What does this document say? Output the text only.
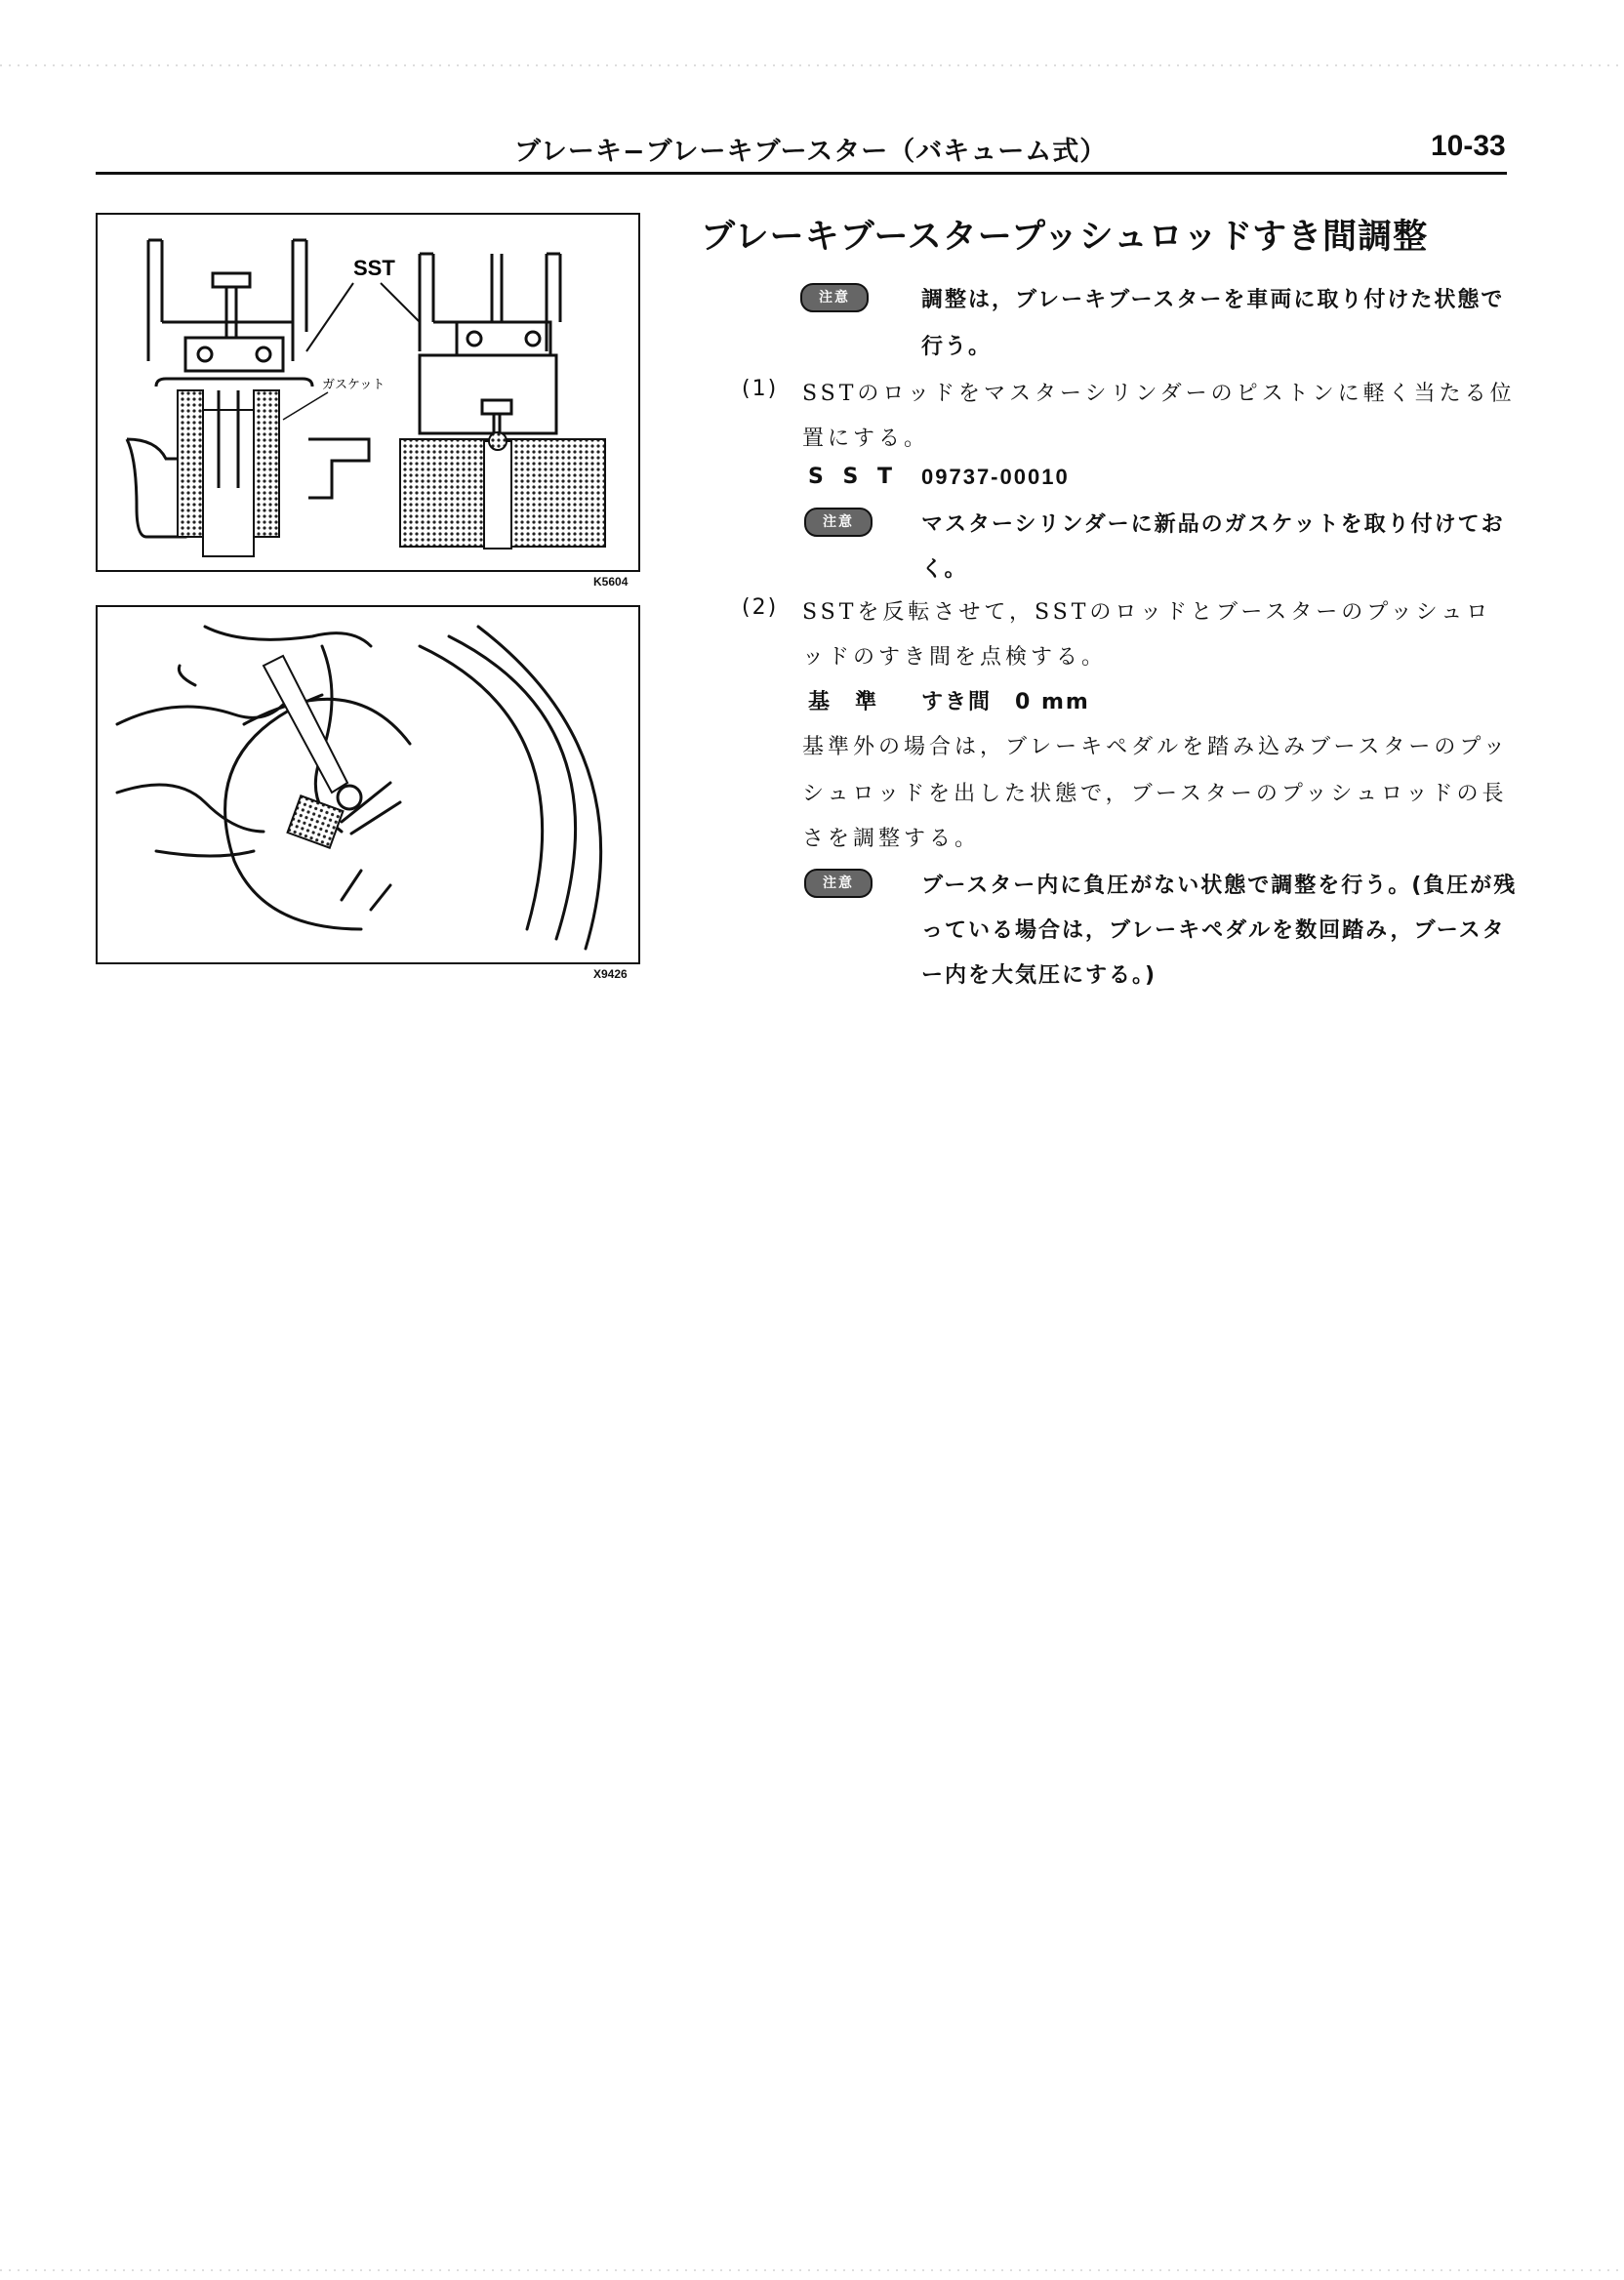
ブレーキ−ブレーキブースター（バキューム式）	10-33
SST
ガスケット
K5604
X9426
ブレーキブースタープッシュロッドすき間調整
注意	調整は，ブレーキブースターを車両に取り付けた状態で
行う。
(1) SSTのロッドをマスターシリンダーのピストンに軽く当たる位
置にする。
S S T 09737-00010
注意	マスターシリンダーに新品のガスケットを取り付けてお
く。
(2) SSTを反転させて，SSTのロッドとブースターのプッシュロ
ッドのすき間を点検する。
基　準 すき間　0 mm
基準外の場合は，ブレーキペダルを踏み込みブースターのプッ
シュロッドを出した状態で，ブースターのプッシュロッドの長
さを調整する。
注意	ブースター内に負圧がない状態で調整を行う。(負圧が残
っている場合は，ブレーキペダルを数回踏み，ブースタ
ー内を大気圧にする。)
